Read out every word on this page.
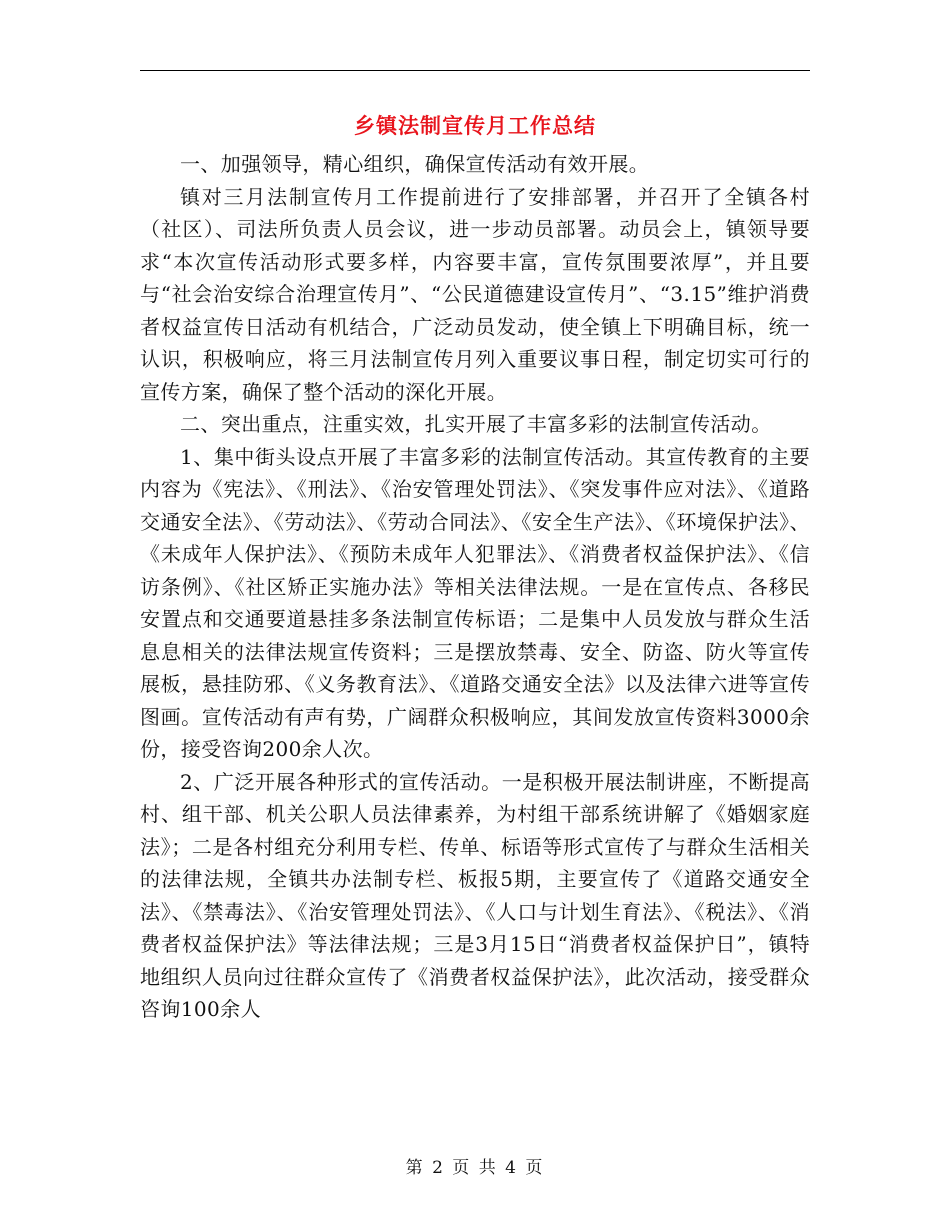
乡镇法制宣传月工作总结

一、加强领导，精心组织，确保宣传活动有效开展。

镇对三月法制宣传月工作提前进行了安排部署，并召开了全镇各村（社区）、司法所负责人员会议，进一步动员部署。动员会上，镇领导要求“本次宣传活动形式要多样，内容要丰富，宣传氛围要浓厚”，并且要与“社会治安综合治理宣传月”、“公民道德建设宣传月”、“3.15”维护消费者权益宣传日活动有机结合，广泛动员发动，使全镇上下明确目标，统一认识，积极响应，将三月法制宣传月列入重要议事日程，制定切实可行的宣传方案，确保了整个活动的深化开展。

二、突出重点，注重实效，扎实开展了丰富多彩的法制宣传活动。

1、集中街头设点开展了丰富多彩的法制宣传活动。其宣传教育的主要内容为《宪法》、《刑法》、《治安管理处罚法》、《突发事件应对法》、《道路交通安全法》、《劳动法》、《劳动合同法》、《安全生产法》、《环境保护法》、《未成年人保护法》、《预防未成年人犯罪法》、《消费者权益保护法》、《信访条例》、《社区矫正实施办法》等相关法律法规。一是在宣传点、各移民安置点和交通要道悬挂多条法制宣传标语；二是集中人员发放与群众生活息息相关的法律法规宣传资料；三是摆放禁毒、安全、防盗、防火等宣传展板，悬挂防邪、《义务教育法》、《道路交通安全法》以及法律六进等宣传图画。宣传活动有声有势，广阔群众积极响应，其间发放宣传资料3000余份，接受咨询200余人次。

2、广泛开展各种形式的宣传活动。一是积极开展法制讲座，不断提高村、组干部、机关公职人员法律素养，为村组干部系统讲解了《婚姻家庭法》；二是各村组充分利用专栏、传单、标语等形式宣传了与群众生活相关的法律法规，全镇共办法制专栏、板报5期，主要宣传了《道路交通安全法》、《禁毒法》、《治安管理处罚法》、《人口与计划生育法》、《税法》、《消费者权益保护法》等法律法规；三是3月15日“消费者权益保护日”，镇特地组织人员向过往群众宣传了《消费者权益保护法》，此次活动，接受群众咨询100余人

第 2 页 共 4 页
